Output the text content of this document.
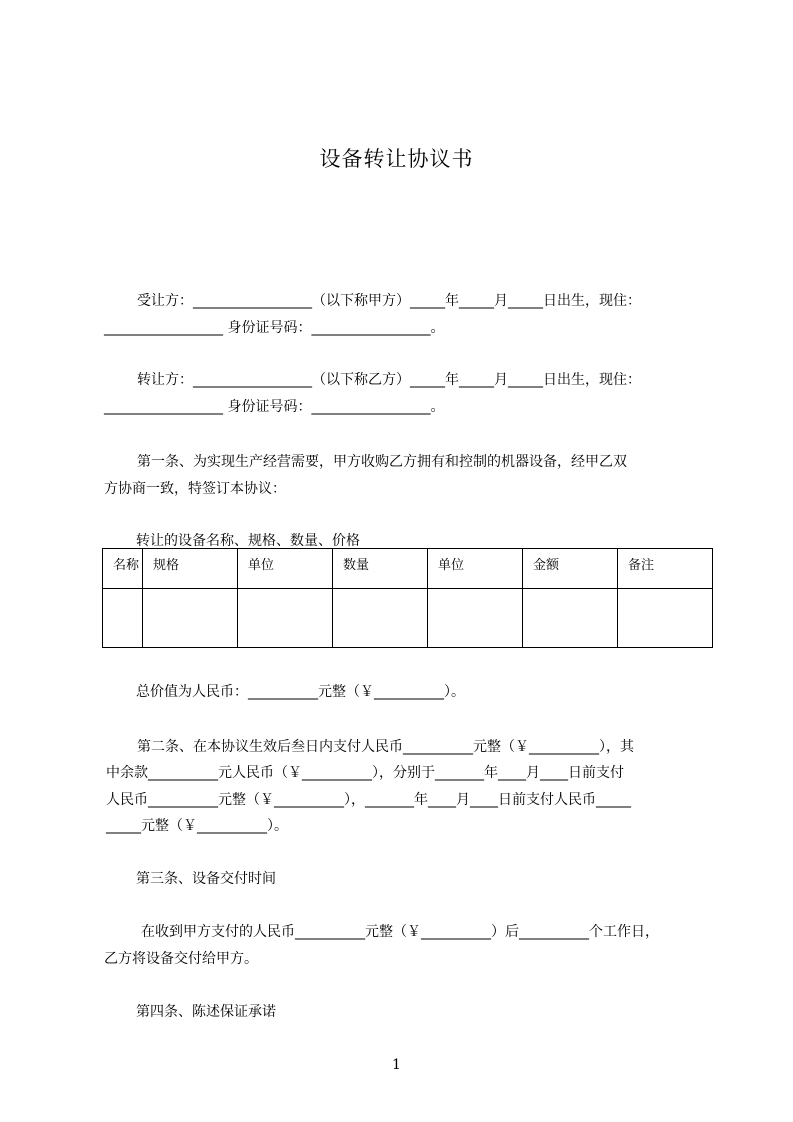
设备转让协议书

受让方：_________________（以下称甲方）_____年_____月_____日出生，现住：

_________________ 身份证号码：_________________。

转让方：_________________（以下称乙方）_____年_____月_____日出生，现住：

_________________ 身份证号码：_________________。

第一条、为实现生产经营需要，甲方收购乙方拥有和控制的机器设备，经甲乙双

方协商一致，特签订本协议：

转让的设备名称、规格、数量、价格

名称	规格	单位	数量	单位	金额	备注

总价值为人民币：__________元整（￥__________）。

第二条、在本协议生效后叁日内支付人民币__________元整（￥__________），其

中余款__________元人民币（￥__________），分别于_______年____月____日前支付

人民币__________元整（￥__________），_______年____月____日前支付人民币_____

_____元整（￥__________）。

第三条、设备交付时间

在收到甲方支付的人民币__________元整（￥__________）后__________个工作日，

乙方将设备交付给甲方。

第四条、陈述保证承诺

1
